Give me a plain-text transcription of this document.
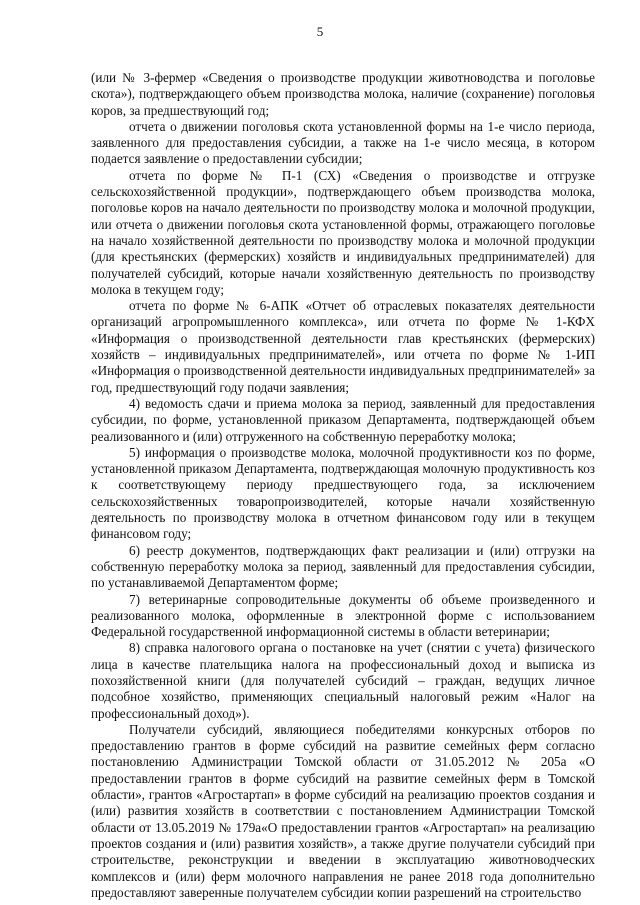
5

(или № 3-фермер «Сведения о производстве продукции животноводства и поголовье скота»), подтверждающего объем производства молока, наличие (сохранение) поголовья коров, за предшествующий год;

отчета о движении поголовья скота установленной формы на 1-е число периода, заявленного для предоставления субсидии, а также на 1-е число месяца, в котором подается заявление о предоставлении субсидии;

отчета по форме № П-1 (СХ) «Сведения о производстве и отгрузке сельскохозяйственной продукции», подтверждающего объем производства молока, поголовье коров на начало деятельности по производству молока и молочной продукции, или отчета о движении поголовья скота установленной формы, отражающего поголовье на начало хозяйственной деятельности по производству молока и молочной продукции (для крестьянских (фермерских) хозяйств и индивидуальных предпринимателей) для получателей субсидий, которые начали хозяйственную деятельность по производству молока в текущем году;

отчета по форме № 6-АПК «Отчет об отраслевых показателях деятельности организаций агропромышленного комплекса», или отчета по форме № 1-КФХ «Информация о производственной деятельности глав крестьянских (фермерских) хозяйств – индивидуальных предпринимателей», или отчета по форме № 1-ИП «Информация о производственной деятельности индивидуальных предпринимателей» за год, предшествующий году подачи заявления;

4) ведомость сдачи и приема молока за период, заявленный для предоставления субсидии, по форме, установленной приказом Департамента, подтверждающей объем реализованного и (или) отгруженного на собственную переработку молока;

5) информация о производстве молока, молочной продуктивности коз по форме, установленной приказом Департамента, подтверждающая молочную продуктивность коз к соответствующему периоду предшествующего года, за исключением сельскохозяйственных товаропроизводителей, которые начали хозяйственную деятельность по производству молока в отчетном финансовом году или в текущем финансовом году;

6) реестр документов, подтверждающих факт реализации и (или) отгрузки на собственную переработку молока за период, заявленный для предоставления субсидии, по устанавливаемой Департаментом форме;

7) ветеринарные сопроводительные документы об объеме произведенного и реализованного молока, оформленные в электронной форме с использованием Федеральной государственной информационной системы в области ветеринарии;

8) справка налогового органа о постановке на учет (снятии с учета) физического лица в качестве плательщика налога на профессиональный доход и выписка из похозяйственной книги (для получателей субсидий – граждан, ведущих личное подсобное хозяйство, применяющих специальный налоговый режим «Налог на профессиональный доход»).

Получатели субсидий, являющиеся победителями конкурсных отборов по предоставлению грантов в форме субсидий на развитие семейных ферм согласно постановлению Администрации Томской области от 31.05.2012 № 205а «О предоставлении грантов в форме субсидий на развитие семейных ферм в Томской области», грантов «Агростартап» в форме субсидий на реализацию проектов создания и (или) развития хозяйств в соответствии с постановлением Администрации Томской области от 13.05.2019 № 179а«О предоставлении грантов «Агростартап» на реализацию проектов создания и (или) развития хозяйств», а также другие получатели субсидий при строительстве, реконструкции и введении в эксплуатацию животноводческих комплексов и (или) ферм молочного направления не ранее 2018 года дополнительно предоставляют заверенные получателем субсидии копии разрешений на строительство
